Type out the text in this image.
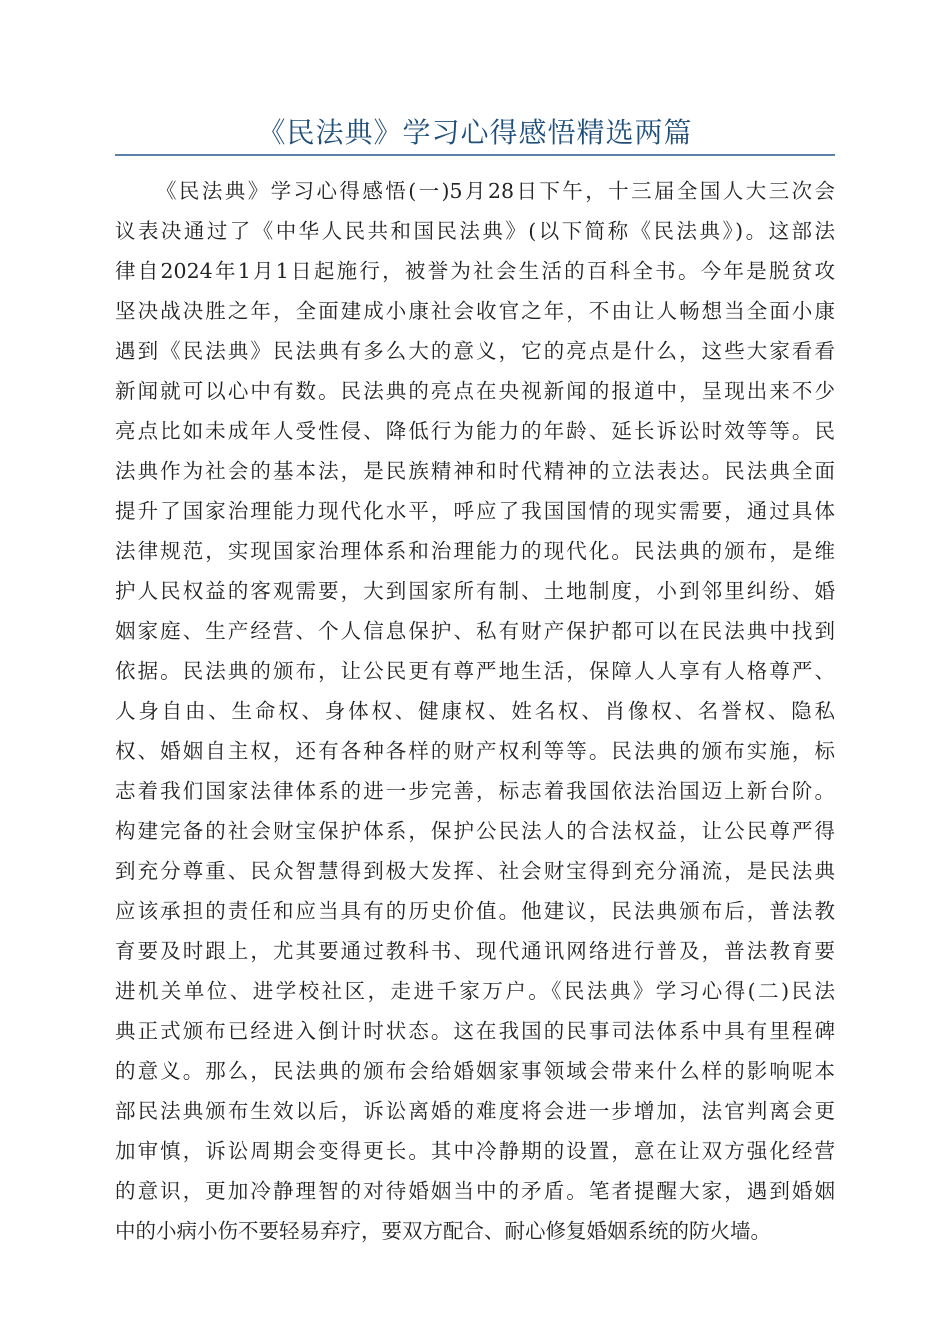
《民法典》学习心得感悟精选两篇
《民法典》学习心得感悟(一)5月28日下午，十三届全国人大三次会
议表决通过了《中华人民共和国民法典》(以下简称《民法典》)。这部法
律自2024年1月1日起施行，被誉为社会生活的百科全书。今年是脱贫攻
坚决战决胜之年，全面建成小康社会收官之年，不由让人畅想当全面小康
遇到《民法典》民法典有多么大的意义，它的亮点是什么，这些大家看看
新闻就可以心中有数。民法典的亮点在央视新闻的报道中，呈现出来不少
亮点比如未成年人受性侵、降低行为能力的年龄、延长诉讼时效等等。民
法典作为社会的基本法，是民族精神和时代精神的立法表达。民法典全面
提升了国家治理能力现代化水平，呼应了我国国情的现实需要，通过具体
法律规范，实现国家治理体系和治理能力的现代化。民法典的颁布，是维
护人民权益的客观需要，大到国家所有制、土地制度，小到邻里纠纷、婚
姻家庭、生产经营、个人信息保护、私有财产保护都可以在民法典中找到
依据。民法典的颁布，让公民更有尊严地生活，保障人人享有人格尊严、
人身自由、生命权、身体权、健康权、姓名权、肖像权、名誉权、隐私
权、婚姻自主权，还有各种各样的财产权利等等。民法典的颁布实施，标
志着我们国家法律体系的进一步完善，标志着我国依法治国迈上新台阶。
构建完备的社会财宝保护体系，保护公民法人的合法权益，让公民尊严得
到充分尊重、民众智慧得到极大发挥、社会财宝得到充分涌流，是民法典
应该承担的责任和应当具有的历史价值。他建议，民法典颁布后，普法教
育要及时跟上，尤其要通过教科书、现代通讯网络进行普及，普法教育要
进机关单位、进学校社区，走进千家万户。《民法典》学习心得(二)民法
典正式颁布已经进入倒计时状态。这在我国的民事司法体系中具有里程碑
的意义。那么，民法典的颁布会给婚姻家事领域会带来什么样的影响呢本
部民法典颁布生效以后，诉讼离婚的难度将会进一步增加，法官判离会更
加审慎，诉讼周期会变得更长。其中冷静期的设置，意在让双方强化经营
的意识，更加冷静理智的对待婚姻当中的矛盾。笔者提醒大家，遇到婚姻
中的小病小伤不要轻易弃疗，要双方配合、耐心修复婚姻系统的防火墙。
